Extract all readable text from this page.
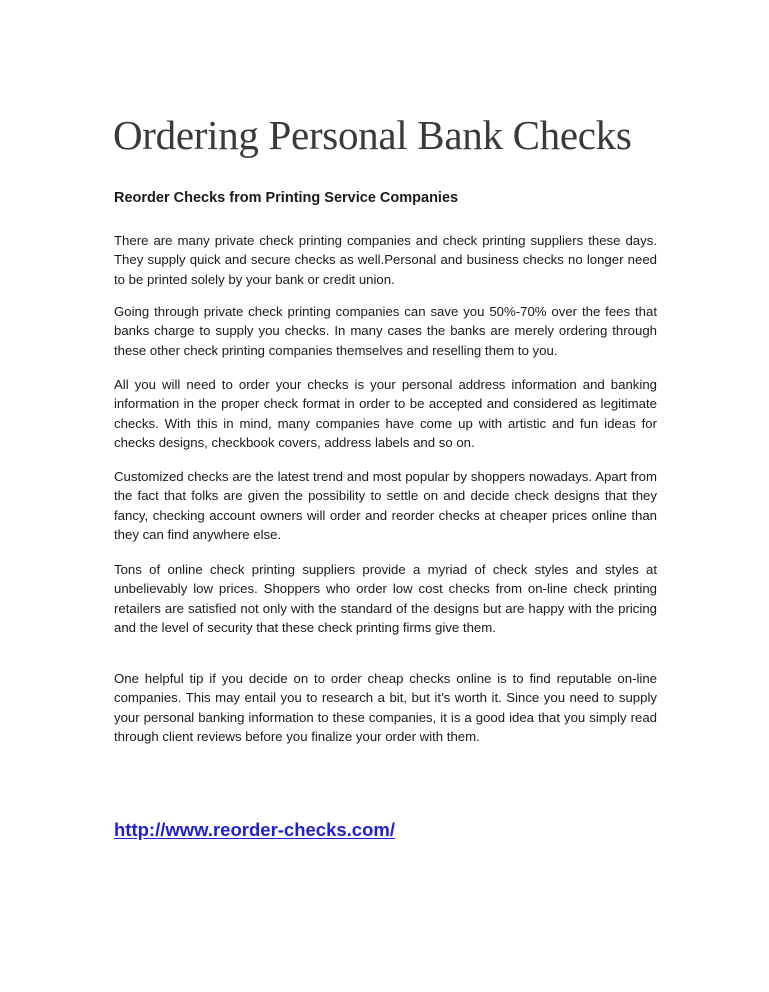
Ordering Personal Bank Checks
Reorder Checks from Printing Service Companies

There are many private check printing companies and check printing suppliers these days. They supply quick and secure checks as well.Personal and business checks no longer need to be printed solely by your bank or credit union.

Going through private check printing companies can save you 50%-70% over the fees that banks charge to supply you checks. In many cases the banks are merely ordering through these other check printing companies themselves and reselling them to you.

All you will need to order your checks is your personal address information and banking information in the proper check format in order to be accepted and considered as legitimate checks. With this in mind, many companies have come up with artistic and fun ideas for checks designs, checkbook covers, address labels and so on.

Customized checks are the latest trend and most popular by shoppers nowadays. Apart from the fact that folks are given the possibility to settle on and decide check designs that they fancy, checking account owners will order and reorder checks at cheaper prices online than they can find anywhere else.

Tons of online check printing suppliers provide a myriad of check styles and styles at unbelievably low prices. Shoppers who order low cost checks from on-line check printing retailers are satisfied not only with the standard of the designs but are happy with the pricing and the level of security that these check printing firms give them.

One helpful tip if you decide on to order cheap checks online is to find reputable on-line companies. This may entail you to research a bit, but it’s worth it. Since you need to supply your personal banking information to these companies, it is a good idea that you simply read through client reviews before you finalize your order with them.

http://www.reorder-checks.com/
